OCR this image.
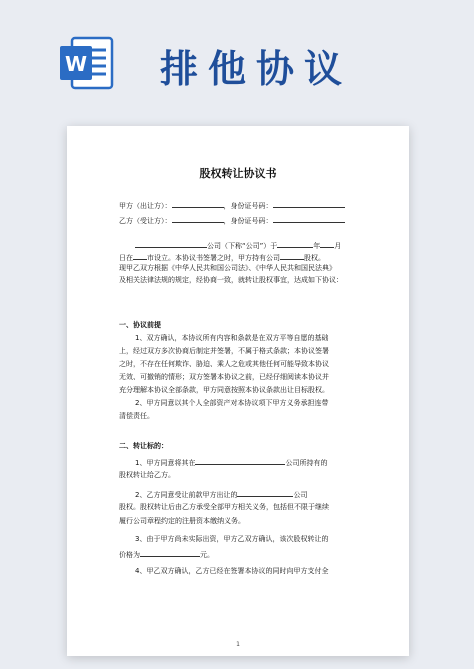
W 排他协议
股权转让协议书
甲方（出让方）：	，身份证号码：
乙方（受让方）：	，身份证号码：
公司（下称“公司”）于	年 月
日在 市设立。本协议书签署之时，甲方持有公司	股权。
现甲乙双方根据《中华人民共和国公司法》、《中华人民共和国民法典》
及相关法律法规的规定，经协商一致，就转让股权事宜，达成如下协议：
一、协议前提
1、双方确认，本协议所有内容和条款是在双方平等自愿的基础
上，经过双方多次协商后制定并签署，不属于格式条款；本协议签署
之时，不存在任何欺诈、胁迫、乘人之危或其他任何可能导致本协议
无效、可撤销的情形；双方签署本协议之前，已经仔细阅读本协议并
充分理解本协议全部条款，甲方同意按照本协议条款出让目标股权。
2、甲方同意以其个人全部资产对本协议项下甲方义务承担连带
清偿责任。
二、转让标的：
1、甲方同意将其在	公司所持有的
股权转让给乙方。
2、乙方同意受让前款甲方出让的	公司
股权。股权转让后由乙方承受全部甲方相关义务，包括但不限于继续
履行公司章程约定的注册资本缴纳义务。
3、由于甲方尚未实际出资，甲方乙双方确认，该次股权转让的
价格为	元。
4、甲乙双方确认，乙方已经在签署本协议的同时向甲方支付全
1
